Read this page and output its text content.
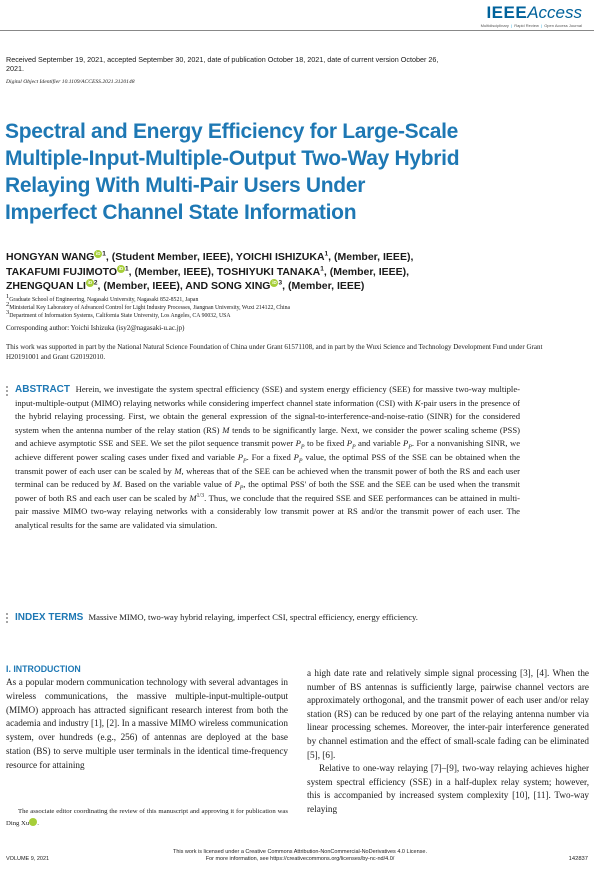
IEEEAccess
Multidisciplinary | Rapid Review | Open Access Journal
Received September 19, 2021, accepted September 30, 2021, date of publication October 18, 2021, date of current version October 26, 2021.
Digital Object Identifier 10.1109/ACCESS.2021.3120148
Spectral and Energy Efficiency for Large-Scale Multiple-Input-Multiple-Output Two-Way Hybrid Relaying With Multi-Pair Users Under Imperfect Channel State Information
HONGYAN WANG iD $^1$, (Student Member, IEEE), YOICHI ISHIZUKA$^1$, (Member, IEEE),
TAKAFUMI FUJIMOTO iD $^1$, (Member, IEEE), TOSHIYUKI TANAKA$^1$, (Member, IEEE),
ZHENGQUAN LI iD $^2$, (Member, IEEE), AND SONG XING iD $^3$, (Member, IEEE)
$^1$Graduate School of Engineering, Nagasaki University, Nagasaki 852-8521, Japan
$^2$Ministerial Key Laboratory of Advanced Control for Light Industry Processes, Jiangnan University, Wuxi 214122, China
$^3$Department of Information Systems, California State University, Los Angeles, CA 90032, USA
Corresponding author: Yoichi Ishizuka (isy2@nagasaki-u.ac.jp)
This work was supported in part by the National Natural Science Foundation of China under Grant 61571108, and in part by the Wuxi Science and Technology Development Fund under Grant H20191001 and Grant G20192010.
ABSTRACT Herein, we investigate the system spectral efficiency (SSE) and system energy efficiency (SEE) for massive two-way multiple-input-multiple-output (MIMO) relaying networks while considering imperfect channel state information (CSI) with K-pair users in the presence of the hybrid relaying processing. First, we obtain the general expression of the signal-to-interference-and-noise-ratio (SINR) for the considered system when the antenna number of the relay station (RS) M tends to be significantly large. Next, we consider the power scaling scheme (PSS) and achieve asymptotic SSE and SEE. We set the pilot sequence transmit power $P_P$ to be fixed $P_P$ and variable $P_P$. For a nonvanishing SINR, we achieve different power scaling cases under fixed and variable $P_P$. For a fixed $P_P$ value, the optimal PSS of the SSE can be obtained when the transmit power of each user can be scaled by M, whereas that of the SEE can be achieved when the transmit power of both the RS and each user terminal can be reduced by M. Based on the variable value of $P_P$, the optimal PSS' of both the SSE and the SEE can be used when the transmit power of both RS and each user can be scaled by $M^{1/3}$. Thus, we conclude that the required SSE and SEE performances can be attained in multi-pair massive MIMO two-way relaying networks with a considerably low transmit power at RS and/or the transmit power of each user. The analytical results for the same are validated via simulation.
INDEX TERMS Massive MIMO, two-way hybrid relaying, imperfect CSI, spectral efficiency, energy efficiency.
I. INTRODUCTION
As a popular modern communication technology with several advantages in wireless communications, the massive multiple-input-multiple-output (MIMO) approach has attracted significant research interest from both the academia and industry [1], [2]. In a massive MIMO wireless communication system, over hundreds (e.g., 256) of antennas are deployed at the base station (BS) to serve multiple user terminals in the identical time-frequency resource for attaining
The associate editor coordinating the review of this manuscript and approving it for publication was Ding Xu	iD.

a high date rate and relatively simple signal processing [3], [4]. When the number of BS antennas is sufficiently large, pairwise channel vectors are approximately orthogonal, and the transmit power of each user and/or relay station (RS) can be reduced by one part of the relaying antenna number via linear processing schemes. Moreover, the inter-pair interference generated by channel estimation and the effect of small-scale fading can be eliminated [5], [6].

Relative to one-way relaying [7]–[9], two-way relaying achieves higher system spectral efficiency (SSE) in a half-duplex relay system; however, this is accompanied by increased system complexity [10], [11]. Two-way relaying

VOLUME 9, 2021
This work is licensed under a Creative Commons Attribution-NonCommercial-NoDerivatives 4.0 License.
For more information, see https://creativecommons.org/licenses/by-nc-nd/4.0/	142837
